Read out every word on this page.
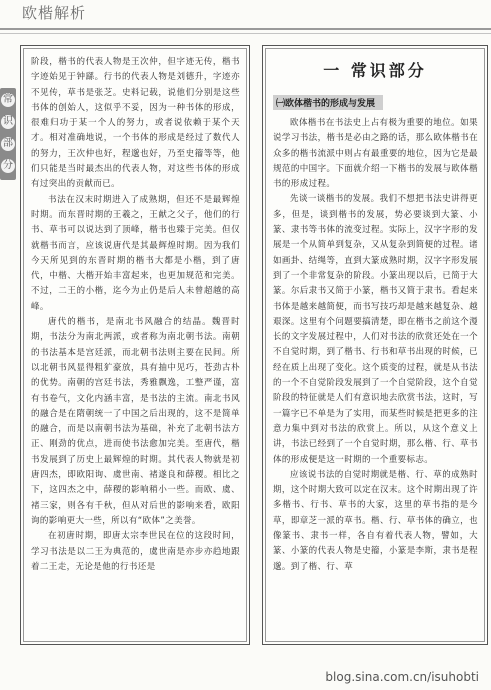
欧楷解析
常
识
部
分

阶段，楷书的代表人物是王次仲，但字迹无传，楷书字迹始见于钟繇。行书的代表人物是刘德升，字迹亦不见传，草书是张芝。史料记载，说他们分别是这些书体的创始人，这似乎不妥，因为一种书体的形成，很难归功于某一个人的努力，或者说依赖于某个天才。相对准确地说，一个书体的形成是经过了数代人的努力，王次仲也好，程邈也好，乃至史籀等等，他们只能是当时最杰出的代表人物，对这些书体的形成有过突出的贡献而已。

书法在汉末时期进入了成熟期，但还不是最辉煌时期。而东晋时期的王羲之，王献之父子，他们的行书、草书可以说达到了顶峰，楷书也臻于完美。但仅就楷书而言，应该说唐代是其最辉煌时期。因为我们今天所见到的东晋时期的楷书大都是小楷，到了唐代，中楷、大楷开始丰富起来，也更加规范和完美。不过，二王的小楷，迄今为止仍是后人未曾超越的高峰。

唐代的楷书，是南北书风融合的结晶。魏晋时期，书法分为南北两派，或者称为南北朝书法。南朝的书法基本是宫廷派，而北朝书法则主要在民间。所以北朝书风显得粗犷豪放，具有抽中见巧，苍劲古朴的优势。南朝的宫廷书法，秀雅飘逸，工整严谨，富有书卷气，文化内涵丰富，是书法的主流。南北书风的融合是在隋朝统一了中国之后出现的，这不是简单的融合，而是以南朝书法为基础，补充了北朝书法方正、刚劲的优点，进而使书法愈加完美。至唐代，楷书发展到了历史上最辉煌的时期。其代表人物就是初唐四杰，即欧阳询、虞世南、褚遂良和薛稷。相比之下，这四杰之中，薛稷的影响稍小一些。而欧、虞、褚三家，则各有千秋，但从对后世的影响来看，欧阳询的影响更大一些，所以有“欧体”之美誉。

在初唐时期，即唐太宗李世民在位的这段时间，学习书法是以二王为典范的，虞世南是亦步亦趋地跟着二王走，无论是他的行书还是

一 常识部分
㈠欧体楷书的形成与发展

欧体楷书在书法史上占有极为重要的地位。如果说学习书法，楷书是必由之路的话，那么欧体楷书在众多的楷书流派中则占有最重要的地位，因为它是最规范的中国字。下面就介绍一下楷书的发展与欧体楷书的形成过程。

先谈一谈楷书的发展。我们不想把书法史讲得更多，但是，谈到楷书的发展，势必要谈到大篆、小篆、隶书等书体的流变过程。实际上，汉字字形的发展是一个从简单到复杂，又从复杂到简便的过程。诸如画卦、结绳等，直到大篆成熟时期，汉字字形发展到了一个非常复杂的阶段。小篆出现以后，已简于大篆。尔后隶书又简于小篆，楷书又简于隶书。看起来书体是越来越简便，而书写技巧却是越来越复杂、越艰深。这里有个问题要搞清楚，即在楷书之前这个漫长的文字发展过程中，人们对书法的欣赏还处在一个不自觉时期，到了楷书、行书和草书出现的时候，已经在质上出现了变化。这个质变的过程，就是从书法的一个不自觉阶段发展到了一个自觉阶段，这个自觉阶段的特征就是人们有意识地去欣赏书法，这时，写一篇字已不单是为了实用，而某些时候是把更多的注意力集中到对书法的欣赏上。所以，从这个意义上讲，书法已经到了一个自觉时期，那么楷、行、草书体的形成便是这一时期的一个重要标志。

应该说书法的自觉时期就是楷、行、草的成熟时期，这个时期大致可以定在汉末。这个时期出现了许多楷书、行书、草书的大家，这里的草书指的是今草，即章芝一派的草书。楷、行、草书体的确立，也像篆书、隶书一样，各自有着代表人物，譬如，大篆、小篆的代表人物是史籀，小篆是李斯，隶书是程邈。到了楷、行、草

blog.sina.com.cn/isuhobti
